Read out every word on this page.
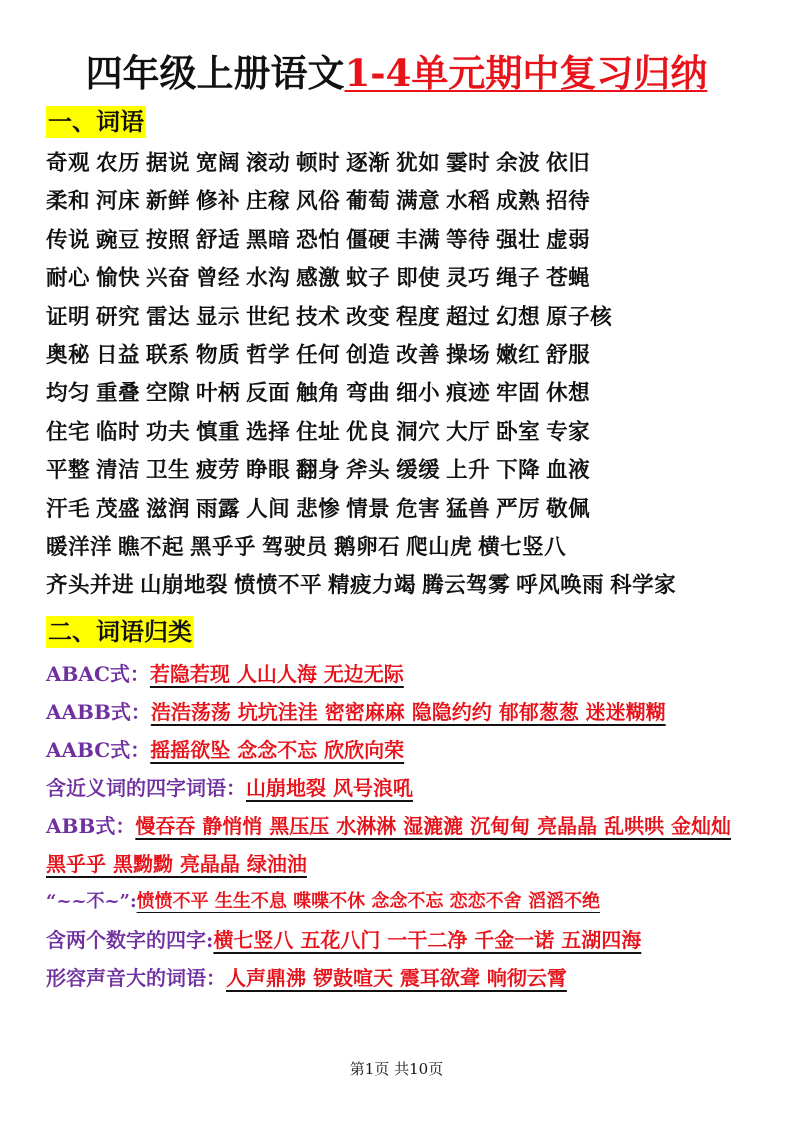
四年级上册语文1-4单元期中复习归纳
一、词语
奇观 农历 据说 宽阔 滚动 顿时 逐渐 犹如 霎时 余波 依旧
柔和 河床 新鲜 修补 庄稼 风俗 葡萄 满意 水稻 成熟 招待
传说 豌豆 按照 舒适 黑暗 恐怕 僵硬 丰满 等待 强壮 虚弱
耐心 愉快 兴奋 曾经 水沟 感激 蚊子 即使 灵巧 绳子 苍蝇
证明 研究 雷达 显示 世纪 技术 改变 程度 超过 幻想 原子核
奥秘 日益 联系 物质 哲学 任何 创造 改善 操场 嫩红 舒服
均匀 重叠 空隙 叶柄 反面 触角 弯曲 细小 痕迹 牢固 休想
住宅 临时 功夫 慎重 选择 住址 优良 洞穴 大厅 卧室 专家
平整 清洁 卫生 疲劳 睁眼 翻身 斧头 缓缓 上升 下降 血液
汗毛 茂盛 滋润 雨露 人间 悲惨 情景 危害 猛兽 严厉 敬佩
暖洋洋 瞧不起 黑乎乎 驾驶员 鹅卵石 爬山虎 横七竖八
齐头并进 山崩地裂 愤愤不平 精疲力竭 腾云驾雾 呼风唤雨 科学家
二、词语归类
ABAC式：若隐若现 人山人海 无边无际
AABB式：浩浩荡荡 坑坑洼洼 密密麻麻 隐隐约约 郁郁葱葱 迷迷糊糊
AABC式：摇摇欲坠 念念不忘 欣欣向荣
含近义词的四字词语：山崩地裂 风号浪吼
ABB式：慢吞吞 静悄悄 黑压压 水淋淋 湿漉漉 沉甸甸 亮晶晶 乱哄哄 金灿灿 黑乎乎 黑黝黝 亮晶晶 绿油油
“~~不~”:愤愤不平 生生不息 喋喋不休 念念不忘 恋恋不舍 滔滔不绝
含两个数字的四字:横七竖八 五花八门 一干二净 千金一诺 五湖四海
形容声音大的词语：人声鼎沸 锣鼓喧天 震耳欲聋 响彻云霄
第1页 共10页
